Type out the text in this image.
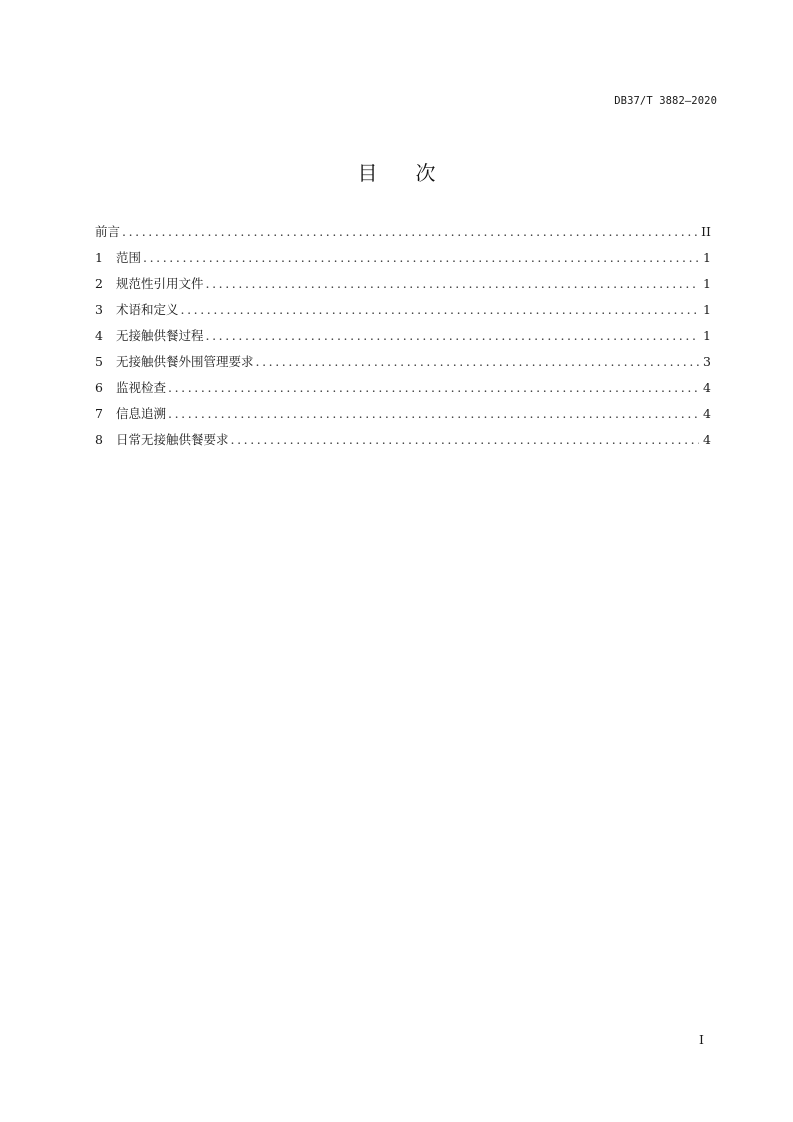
DB37/T 3882—2020
目 次
前言 .....	II
1	范围 .....	1
2	规范性引用文件 .....	1
3	术语和定义 .....	1
4	无接触供餐过程 .....	1
5	无接触供餐外围管理要求 .....	3
6	监视检查 .....	4
7	信息追溯 .....	4
8	日常无接触供餐要求 .....	4
I
